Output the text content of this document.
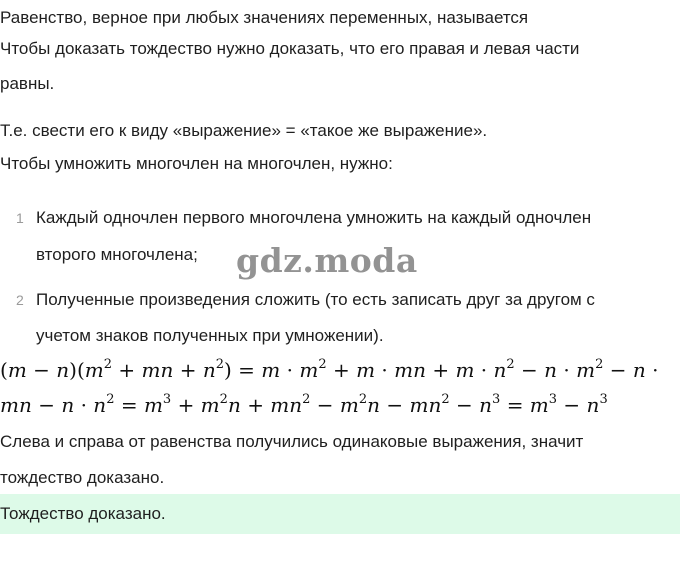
Равенство, верное при любых значениях переменных, называется
Чтобы доказать тождество нужно доказать, что его правая и левая части
равны.
Т.е. свести его к виду «выражение» = «такое же выражение».
Чтобы умножить многочлен на многочлен, нужно:
1 Каждый одночлен первого многочлена умножить на каждый одночлен
второго многочлена; gdz.moda
2 Полученные произведения сложить (то есть записать друг за другом с
учетом знаков полученных при умножении).
$(m - n)(m^2$ + mn + $n^2) = m \cdot m^2 + m$ · mn + $m \cdot n^2 - n \cdot m^2 - n$ ·
mn − $n \cdot n^2 = m^3 + m^2n + mn^2 - m^2n - mn^2 - n^3 = m^3 - n^3$
Слева и справа от равенства получились одинаковые выражения, значит
тождество доказано.
Тождество доказано.
